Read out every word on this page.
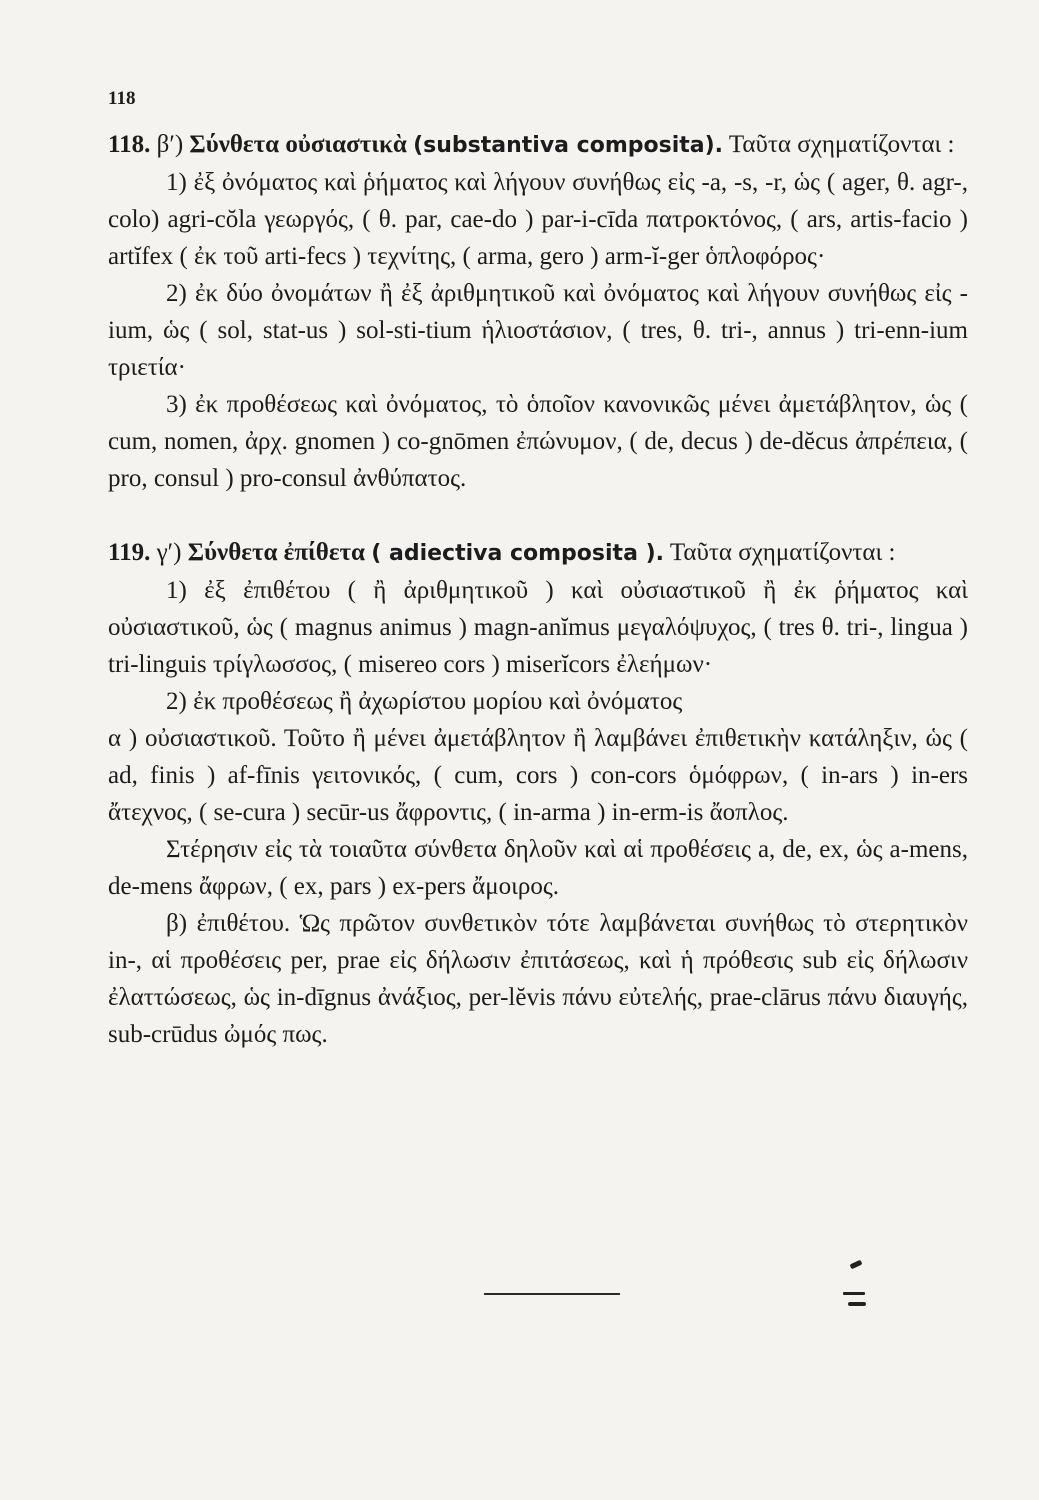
118

118. β′) Σύνθετα οὐσιαστικὰ (substantiva composita). Ταῦτα σχηματίζονται :

1) ἐξ ὀνόματος καὶ ῥήματος καὶ λήγουν συνήθως εἰς -a, -s, -r, ὡς ( ager, θ. agr-, colo) agri-cŏla γεωργός, ( θ. par, cae-do ) par-i-cīda πατροκτόνος, ( ars, artis-facio ) artĭfex ( ἐκ τοῦ arti-fecs ) τεχνίτης, ( arma, gero ) arm-ĭ-ger ὁπλοφόρος·

2) ἐκ δύο ὀνομάτων ἢ ἐξ ἀριθμητικοῦ καὶ ὀνόματος καὶ λήγουν συνήθως εἰς -ium, ὡς ( sol, stat-us ) sol-sti-tium ἡλιοστάσιον, ( tres, θ. tri-, annus ) tri-enn-ium τριετία·

3) ἐκ προθέσεως καὶ ὀνόματος, τὸ ὁποῖον κανονικῶς μένει ἀμετάβλητον, ὡς ( cum, nomen, ἀρχ. gnomen ) co-gnōmen ἐπώνυμον, ( de, decus ) de-dĕcus ἀπρέπεια, ( pro, consul ) pro-consul ἀνθύπατος.

119. γ′) Σύνθετα ἐπίθετα ( adiectiva composita ). Ταῦτα σχηματίζονται :

1) ἐξ ἐπιθέτου ( ἢ ἀριθμητικοῦ ) καὶ οὐσιαστικοῦ ἢ ἐκ ῥήματος καὶ οὐσιαστικοῦ, ὡς ( magnus animus ) magn-anĭmus μεγαλόψυχος, ( tres θ. tri-, lingua ) tri-linguis τρίγλωσσος, ( misereo cors ) miserĭcors ἐλεήμων·

2) ἐκ προθέσεως ἢ ἀχωρίστου μορίου καὶ ὀνόματος

α ) οὐσιαστικοῦ. Τοῦτο ἢ μένει ἀμετάβλητον ἢ λαμβάνει ἐπιθετικὴν κατάληξιν, ὡς ( ad, finis ) af-fīnis γειτονικός, ( cum, cors ) con-cors ὁμόφρων, ( in-ars ) in-ers ἄτεχνος, ( se-cura ) secūr-us ἄφροντις, ( in-arma ) in-erm-is ἄοπλος.

Στέρησιν εἰς τὰ τοιαῦτα σύνθετα δηλοῦν καὶ αἱ προθέσεις a, de, ex, ὡς a-mens, de-mens ἄφρων, ( ex, pars ) ex-pers ἄμοιρος.

β) ἐπιθέτου. Ὡς πρῶτον συνθετικὸν τότε λαμβάνεται συνήθως τὸ στερητικὸν in-, αἱ προθέσεις per, prae εἰς δήλωσιν ἐπιτάσεως, καὶ ἡ πρόθεσις sub εἰς δήλωσιν ἐλαττώσεως, ὡς in-dīgnus ἀνάξιος, per-lĕvis πάνυ εὐτελής, prae-clārus πάνυ διαυγής, sub-crūdus ὠμός πως.
